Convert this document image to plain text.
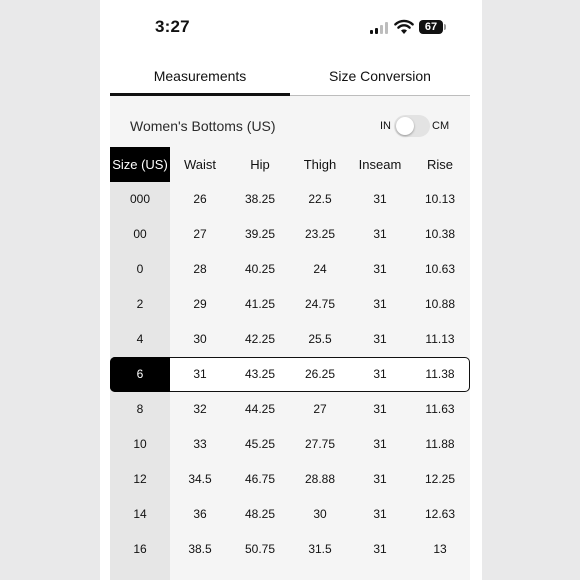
3:27	67
Measurements	Size Conversion
Women's Bottoms (US)	IN	CM
Size (US)	Waist	Hip	Thigh	Inseam	Rise
000	26	38.25	22.5	31	10.13
00	27	39.25	23.25	31	10.38
0	28	40.25	24	31	10.63
2	29	41.25	24.75	31	10.88
4	30	42.25	25.5	31	11.13
6	31	43.25	26.25	31	11.38
8	32	44.25	27	31	11.63
10	33	45.25	27.75	31	11.88
12	34.5	46.75	28.88	31	12.25
14	36	48.25	30	31	12.63
16	38.5	50.75	31.5	31	13
